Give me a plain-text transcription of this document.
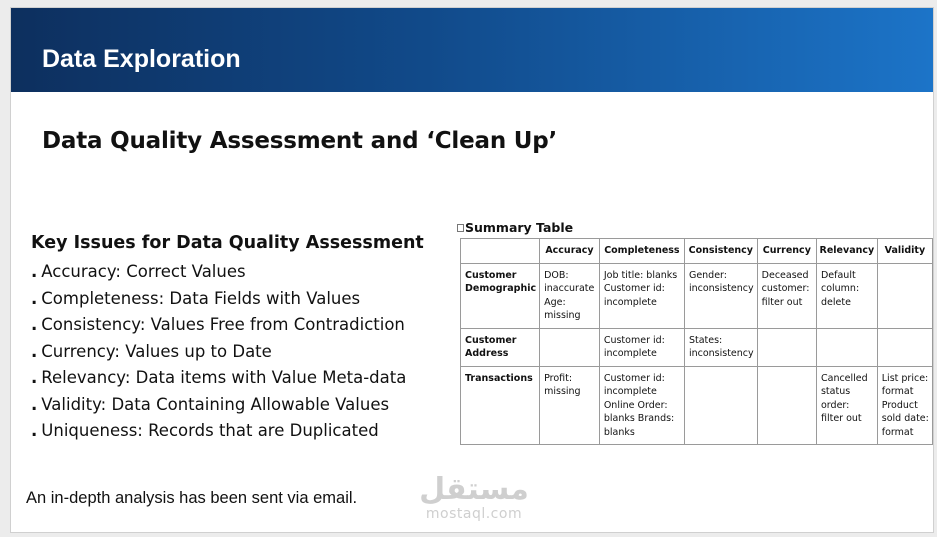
Data Exploration
Data Quality Assessment and ‘Clean Up’
Key Issues for Data Quality Assessment
. Accuracy: Correct Values
. Completeness: Data Fields with Values
. Consistency: Values Free from Contradiction
. Currency: Values up to Date
. Relevancy: Data items with Value Meta-data
. Validity: Data Containing Allowable Values
. Uniqueness: Records that are Duplicated
Summary Table
	Accuracy	Completeness	Consistency	Currency	Relevancy	Validity
Customer Demographic	DOB: inaccurate Age: missing	Job title: blanks Customer id: incomplete	Gender: inconsistency	Deceased customer: filter out	Default column: delete	
Customer Address		Customer id: incomplete	States: inconsistency			
Transactions	Profit: missing	Customer id: incomplete Online Order: blanks Brands: blanks			Cancelled status order: filter out	List price: format Product sold date: format
An in-depth analysis has been sent via email. مستقل
mostaql.com
